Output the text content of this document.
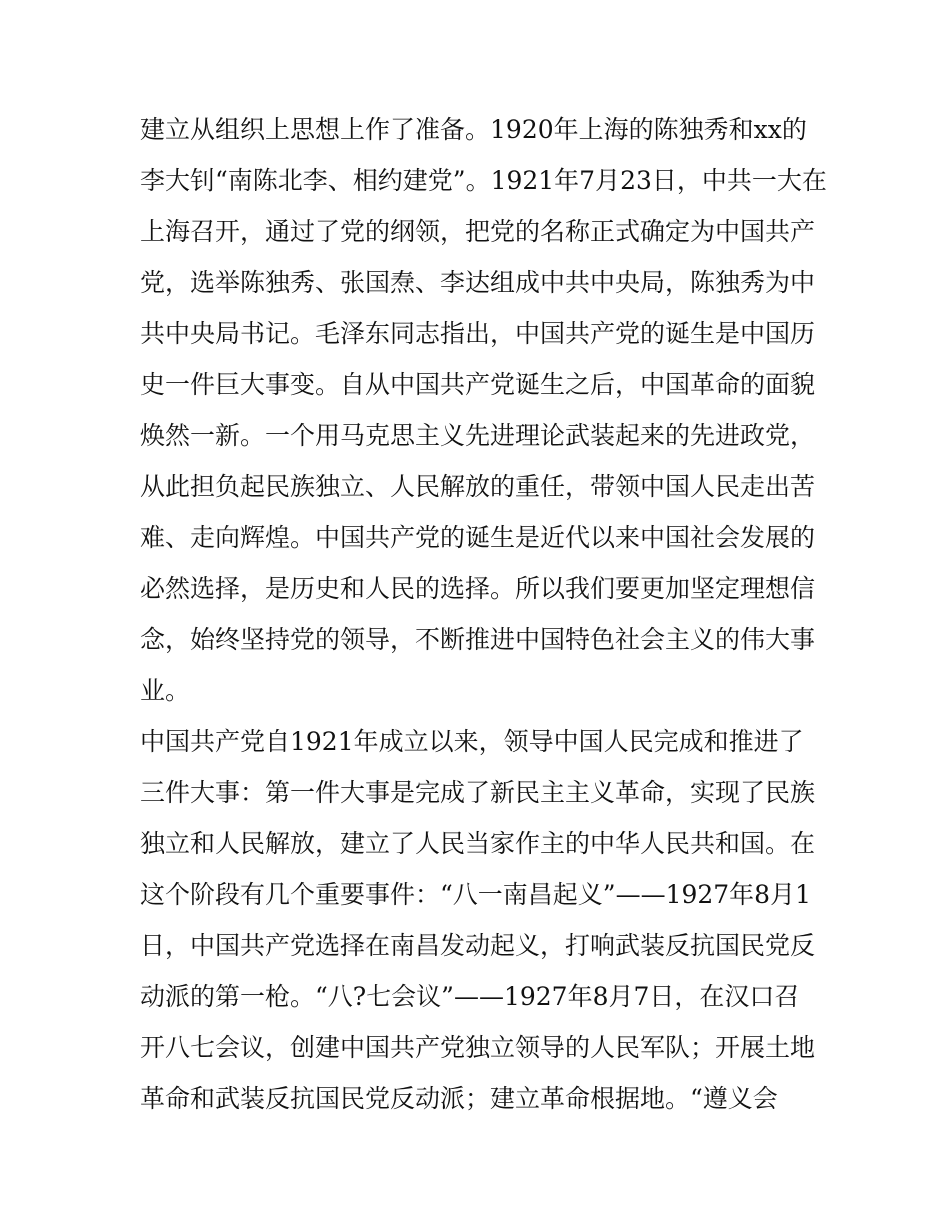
建立从组织上思想上作了准备。1920年上海的陈独秀和xx的
李大钊“南陈北李、相约建党”。1921年7月23日，中共一大在
上海召开，通过了党的纲领，把党的名称正式确定为中国共产
党，选举陈独秀、张国焘、李达组成中共中央局，陈独秀为中
共中央局书记。毛泽东同志指出，中国共产党的诞生是中国历
史一件巨大事变。自从中国共产党诞生之后，中国革命的面貌
焕然一新。一个用马克思主义先进理论武装起来的先进政党，
从此担负起民族独立、人民解放的重任，带领中国人民走出苦
难、走向辉煌。中国共产党的诞生是近代以来中国社会发展的
必然选择，是历史和人民的选择。所以我们要更加坚定理想信
念，始终坚持党的领导，不断推进中国特色社会主义的伟大事
业。
中国共产党自1921年成立以来，领导中国人民完成和推进了
三件大事：第一件大事是完成了新民主主义革命，实现了民族
独立和人民解放，建立了人民当家作主的中华人民共和国。在
这个阶段有几个重要事件：“八一南昌起义”——1927年8月1
日，中国共产党选择在南昌发动起义，打响武装反抗国民党反
动派的第一枪。“八?七会议”——1927年8月7日，在汉口召
开八七会议，创建中国共产党独立领导的人民军队；开展土地
革命和武装反抗国民党反动派；建立革命根据地。“遵义会
